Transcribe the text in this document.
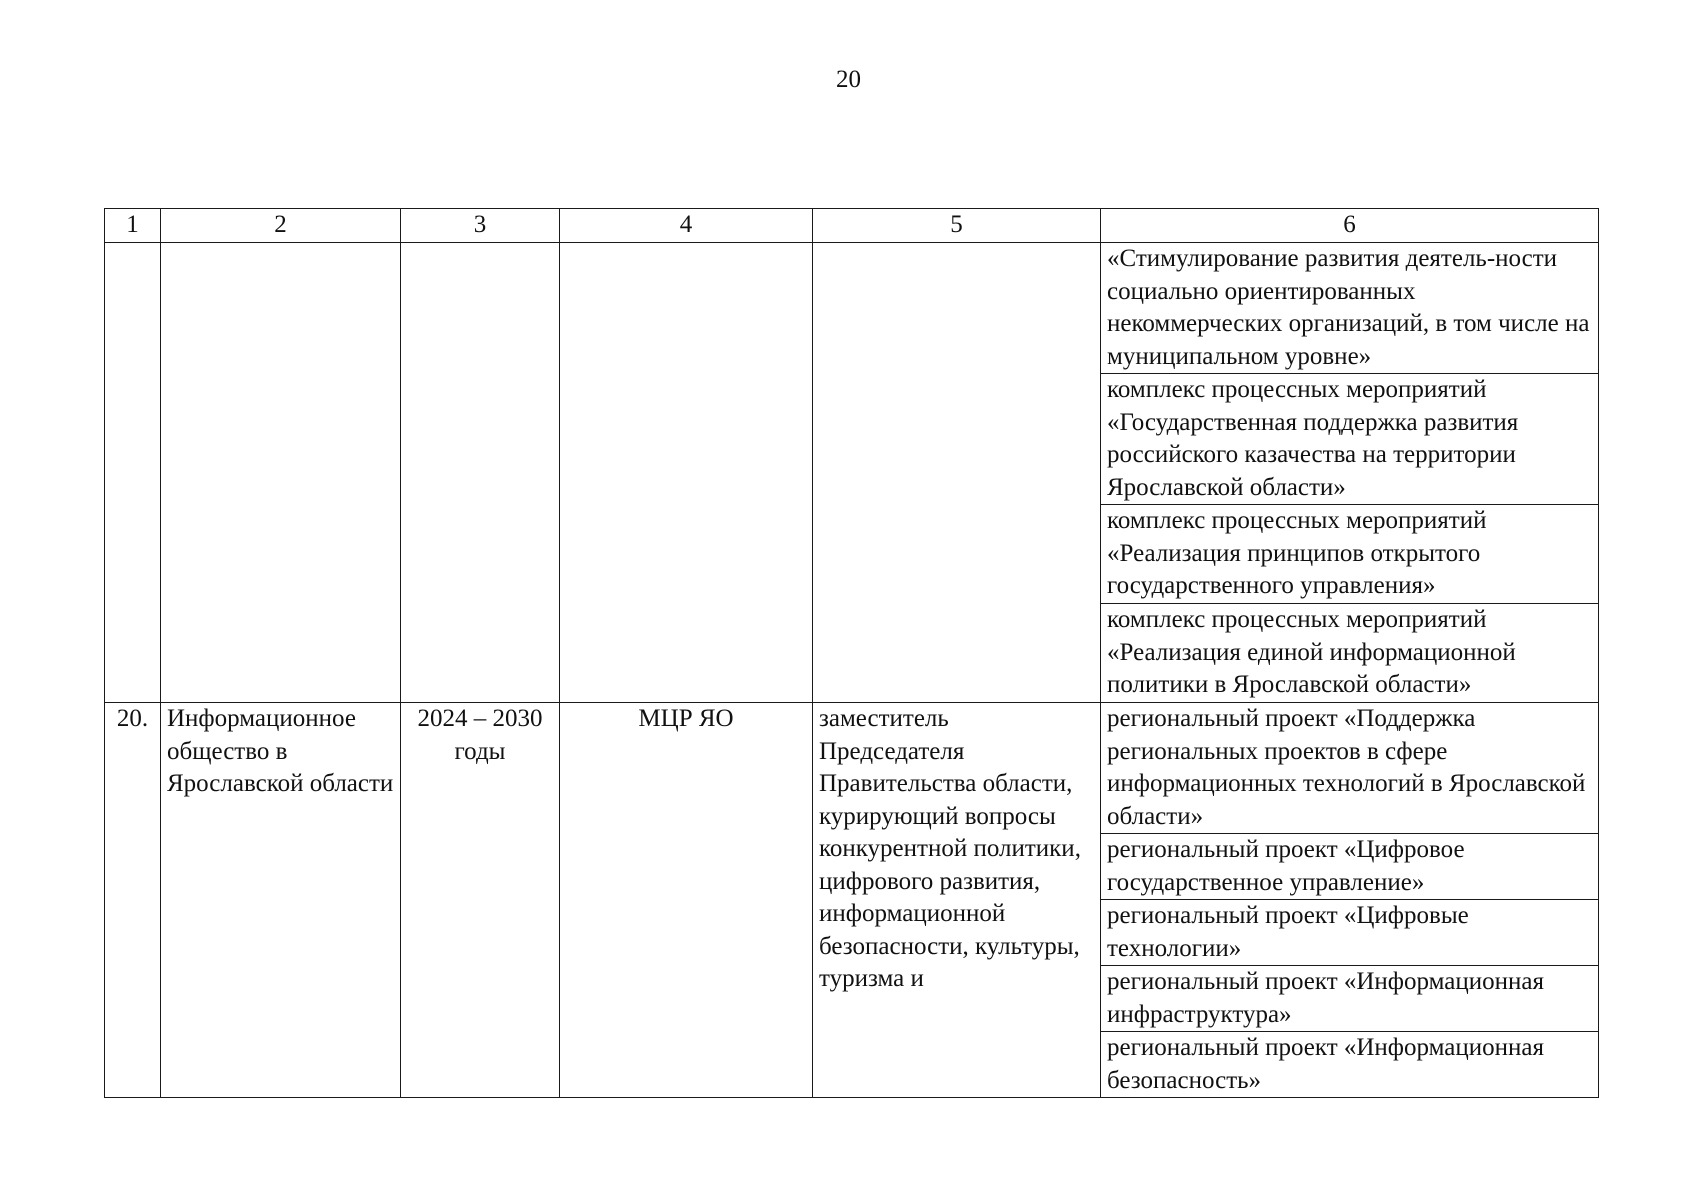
20
1	2	3	4	5	6
					«Стимулирование развития деятель-ности социально ориентированных некоммерческих организаций, в том числе на муниципальном уровне»
					комплекс процессных мероприятий «Государственная поддержка развития российского казачества на территории Ярославской области»
					комплекс процессных мероприятий «Реализация принципов открытого государственного управления»
					комплекс процессных мероприятий «Реализация единой информационной политики в Ярославской области»
20.	Информационное общество в Ярославской области	2024 – 2030 годы	МЦР ЯО	заместитель Председателя Правительства области, курирующий вопросы конкурентной политики, цифрового развития, информационной безопасности, культуры, туризма и	региональный проект «Поддержка региональных проектов в сфере информационных технологий в Ярославской области»
					региональный проект «Цифровое государственное управление»
					региональный проект «Цифровые технологии»
					региональный проект «Информационная инфраструктура»
					региональный проект «Информационная безопасность»
